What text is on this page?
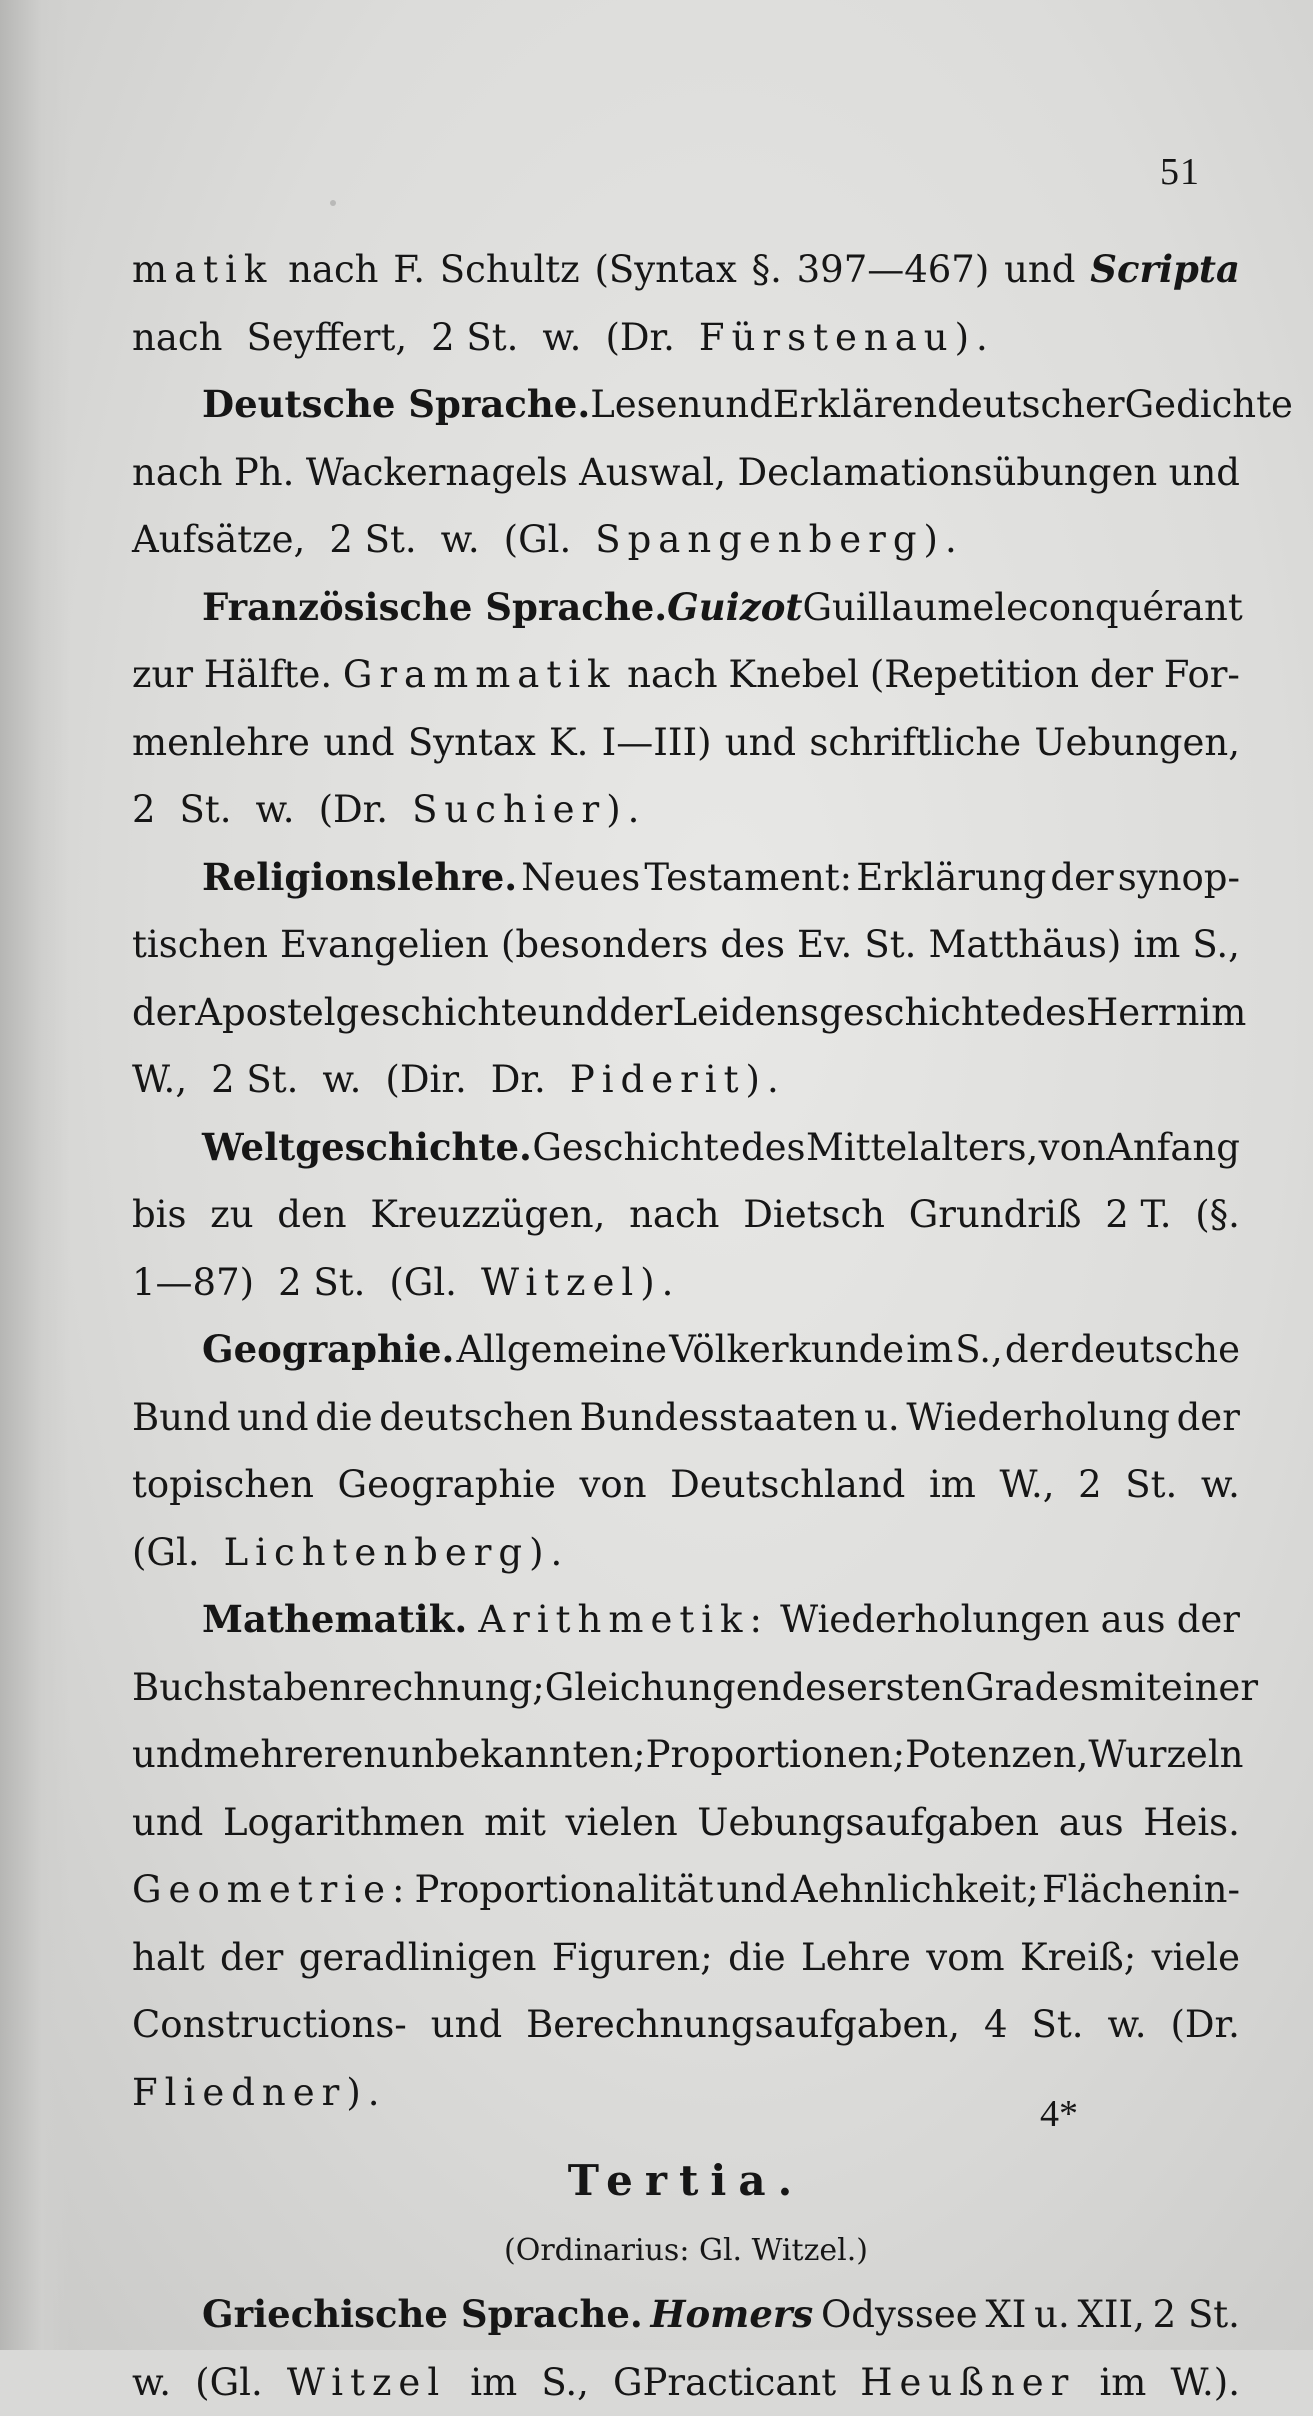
51
matik nach F. Schultz (Syntax §. 397—467) und Scripta
nach Seyffert, 2 St. w. (Dr. Fürstenau).
Deutsche Sprache. Lesen und Erklären deutscher Gedichte
nach Ph. Wackernagels Auswal, Declamationsübungen und
Aufsätze, 2 St. w. (Gl. Spangenberg).
Französische Sprache. Guizot Guillaume le conquérant
zur Hälfte. Grammatik nach Knebel (Repetition der For-
menlehre und Syntax K. I—III) und schriftliche Uebungen,
2 St. w. (Dr. Suchier).
Religionslehre. Neues Testament: Erklärung der synop-
tischen Evangelien (besonders des Ev. St. Matthäus) im S.,
der Apostelgeschichte und der Leidensgeschichte des Herrn im
W., 2 St. w. (Dir. Dr. Piderit).
Weltgeschichte. Geschichte des Mittelalters, von Anfang
bis zu den Kreuzzügen, nach Dietsch Grundriß 2 T. (§.
1—87) 2 St. (Gl. Witzel).
Geographie. Allgemeine Völkerkunde im S., der deutsche
Bund und die deutschen Bundesstaaten u. Wiederholung der
topischen Geographie von Deutschland im W., 2 St. w.
(Gl. Lichtenberg).
Mathematik. Arithmetik: Wiederholungen aus der
Buchstabenrechnung; Gleichungen des ersten Grades mit einer
und mehreren unbekannten; Proportionen; Potenzen, Wurzeln
und Logarithmen mit vielen Uebungsaufgaben aus Heis.
Geometrie: Proportionalität und Aehnlichkeit; Flächenin-
halt der geradlinigen Figuren; die Lehre vom Kreiß; viele
Constructions- und Berechnungsaufgaben, 4 St. w. (Dr.
Fliedner).
Tertia.
(Ordinarius: Gl. Witzel.)
Griechische Sprache. Homers Odyssee XI u. XII, 2 St.
w. (Gl. Witzel im S., GPracticant Heußner im W.).
4*
